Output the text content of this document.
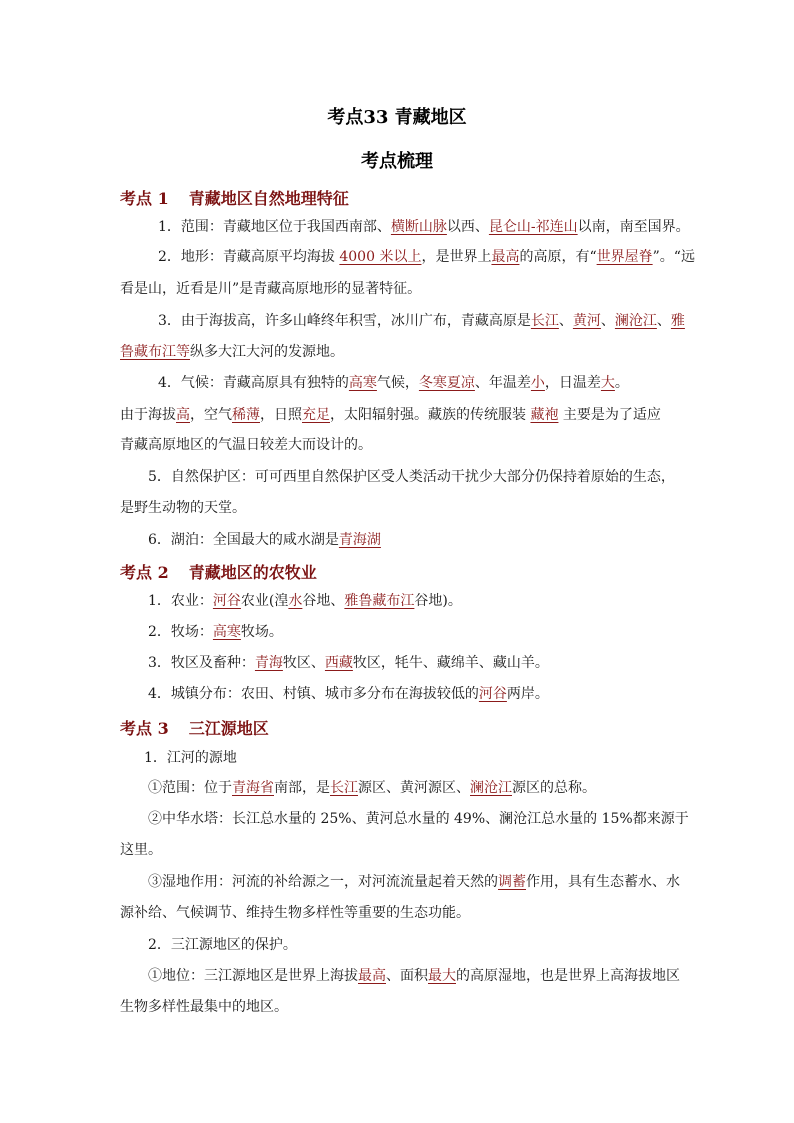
考点33 青藏地区
考点梳理
考点 1 青藏地区自然地理特征
1．范围：青藏地区位于我国西南部、横断山脉以西、昆仑山-祁连山以南，南至国界。
2．地形：青藏高原平均海拔 4000 米以上，是世界上最高的高原，有“世界屋脊”。“远
看是山，近看是川”是青藏高原地形的显著特征。
3．由于海拔高，许多山峰终年积雪，冰川广布，青藏高原是长江、黄河、澜沧江、雅
鲁藏布江等纵多大江大河的发源地。
4．气候：青藏高原具有独特的高寒气候，冬寒夏凉、年温差小，日温差大。
由于海拔高，空气稀薄，日照充足，太阳辐射强。藏族的传统服装 藏袍 主要是为了适应
青藏高原地区的气温日较差大而设计的。
5．自然保护区：可可西里自然保护区受人类活动干扰少大部分仍保持着原始的生态，
是野生动物的天堂。
6．湖泊：全国最大的咸水湖是青海湖
考点 2 青藏地区的农牧业
1．农业：河谷农业(湟水谷地、雅鲁藏布江谷地)。
2．牧场：高寒牧场。
3．牧区及畜种：青海牧区、西藏牧区，牦牛、藏绵羊、藏山羊。
4．城镇分布：农田、村镇、城市多分布在海拔较低的河谷两岸。
考点 3 三江源地区
1．江河的源地
①范围：位于青海省南部，是长江源区、黄河源区、澜沧江源区的总称。
②中华水塔：长江总水量的 25%、黄河总水量的 49%、澜沧江总水量的 15%都来源于
这里。
③湿地作用：河流的补给源之一，对河流流量起着天然的调蓄作用，具有生态蓄水、水
源补给、气候调节、维持生物多样性等重要的生态功能。
2．三江源地区的保护。
①地位：三江源地区是世界上海拔最高、面积最大的高原湿地，也是世界上高海拔地区
生物多样性最集中的地区。
